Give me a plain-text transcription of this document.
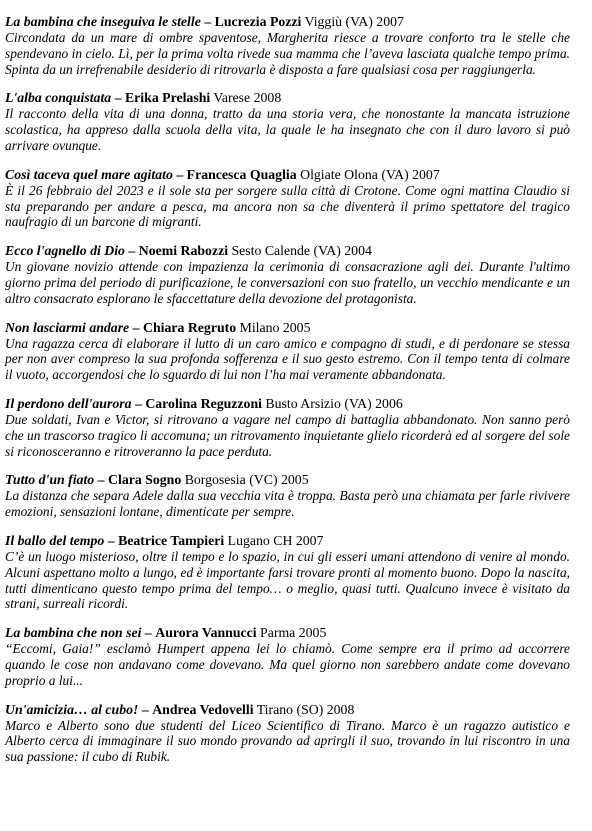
La bambina che inseguiva le stelle – Lucrezia Pozzi Viggiù (VA) 2007

Circondata da un mare di ombre spaventose, Margherita riesce a trovare conforto tra le stelle che spendevano in cielo. Lì, per la prima volta rivede sua mamma che l’aveva lasciata qualche tempo prima. Spinta da un irrefrenabile desiderio di ritrovarla è disposta a fare qualsiasi cosa per raggiungerla.

L'alba conquistata – Erika Prelashi Varese 2008

Il racconto della vita di una donna, tratto da una storia vera, che nonostante la mancata istruzione scolastica, ha appreso dalla scuola della vita, la quale le ha insegnato che con il duro lavoro si può arrivare ovunque.

Così taceva quel mare agitato – Francesca Quaglia Olgiate Olona (VA) 2007

È il 26 febbraio del 2023 e il sole sta per sorgere sulla città di Crotone. Come ogni mattina Claudio si sta preparando per andare a pesca, ma ancora non sa che diventerà il primo spettatore del tragico naufragio di un barcone di migranti.

Ecco l'agnello di Dio – Noemi Rabozzi Sesto Calende (VA) 2004

Un giovane novizio attende con impazienza la cerimonia di consacrazione agli dei. Durante l'ultimo giorno prima del periodo di purificazione, le conversazioni con suo fratello, un vecchio mendicante e un altro consacrato esplorano le sfaccettature della devozione del protagonista.

Non lasciarmi andare – Chiara Regruto Milano 2005

Una ragazza cerca di elaborare il lutto di un caro amico e compagno di studi, e di perdonare se stessa per non aver compreso la sua profonda sofferenza e il suo gesto estremo. Con il tempo tenta di colmare il vuoto, accorgendosi che lo sguardo di lui non l’ha mai veramente abbandonata.

Il perdono dell'aurora – Carolina Reguzzoni Busto Arsizio (VA) 2006

Due soldati, Ivan e Victor, si ritrovano a vagare nel campo di battaglia abbandonato. Non sanno però che un trascorso tragico li accomuna; un ritrovamento inquietante glielo ricorderà ed al sorgere del sole si riconosceranno e ritroveranno la pace perduta.

Tutto d'un fiato – Clara Sogno Borgosesia (VC) 2005

La distanza che separa Adele dalla sua vecchia vita è troppa. Basta però una chiamata per farle rivivere emozioni, sensazioni lontane, dimenticate per sempre.

Il ballo del tempo – Beatrice Tampieri Lugano CH 2007

C’è un luogo misterioso, oltre il tempo e lo spazio, in cui gli esseri umani attendono di venire al mondo. Alcuni aspettano molto a lungo, ed è importante farsi trovare pronti al momento buono. Dopo la nascita, tutti dimenticano questo tempo prima del tempo… o meglio, quasi tutti. Qualcuno invece è visitato da strani, surreali ricordi.

La bambina che non sei – Aurora Vannucci Parma 2005

“Eccomi, Gaia!” esclamò Humpert appena lei lo chiamò. Come sempre era il primo ad accorrere quando le cose non andavano come dovevano. Ma quel giorno non sarebbero andate come dovevano proprio a lui...

Un'amicizia… al cubo! – Andrea Vedovelli Tirano (SO) 2008

Marco e Alberto sono due studenti del Liceo Scientifico di Tirano. Marco è un ragazzo autistico e Alberto cerca di immaginare il suo mondo provando ad aprirgli il suo, trovando in lui riscontro in una sua passione: il cubo di Rubik.
